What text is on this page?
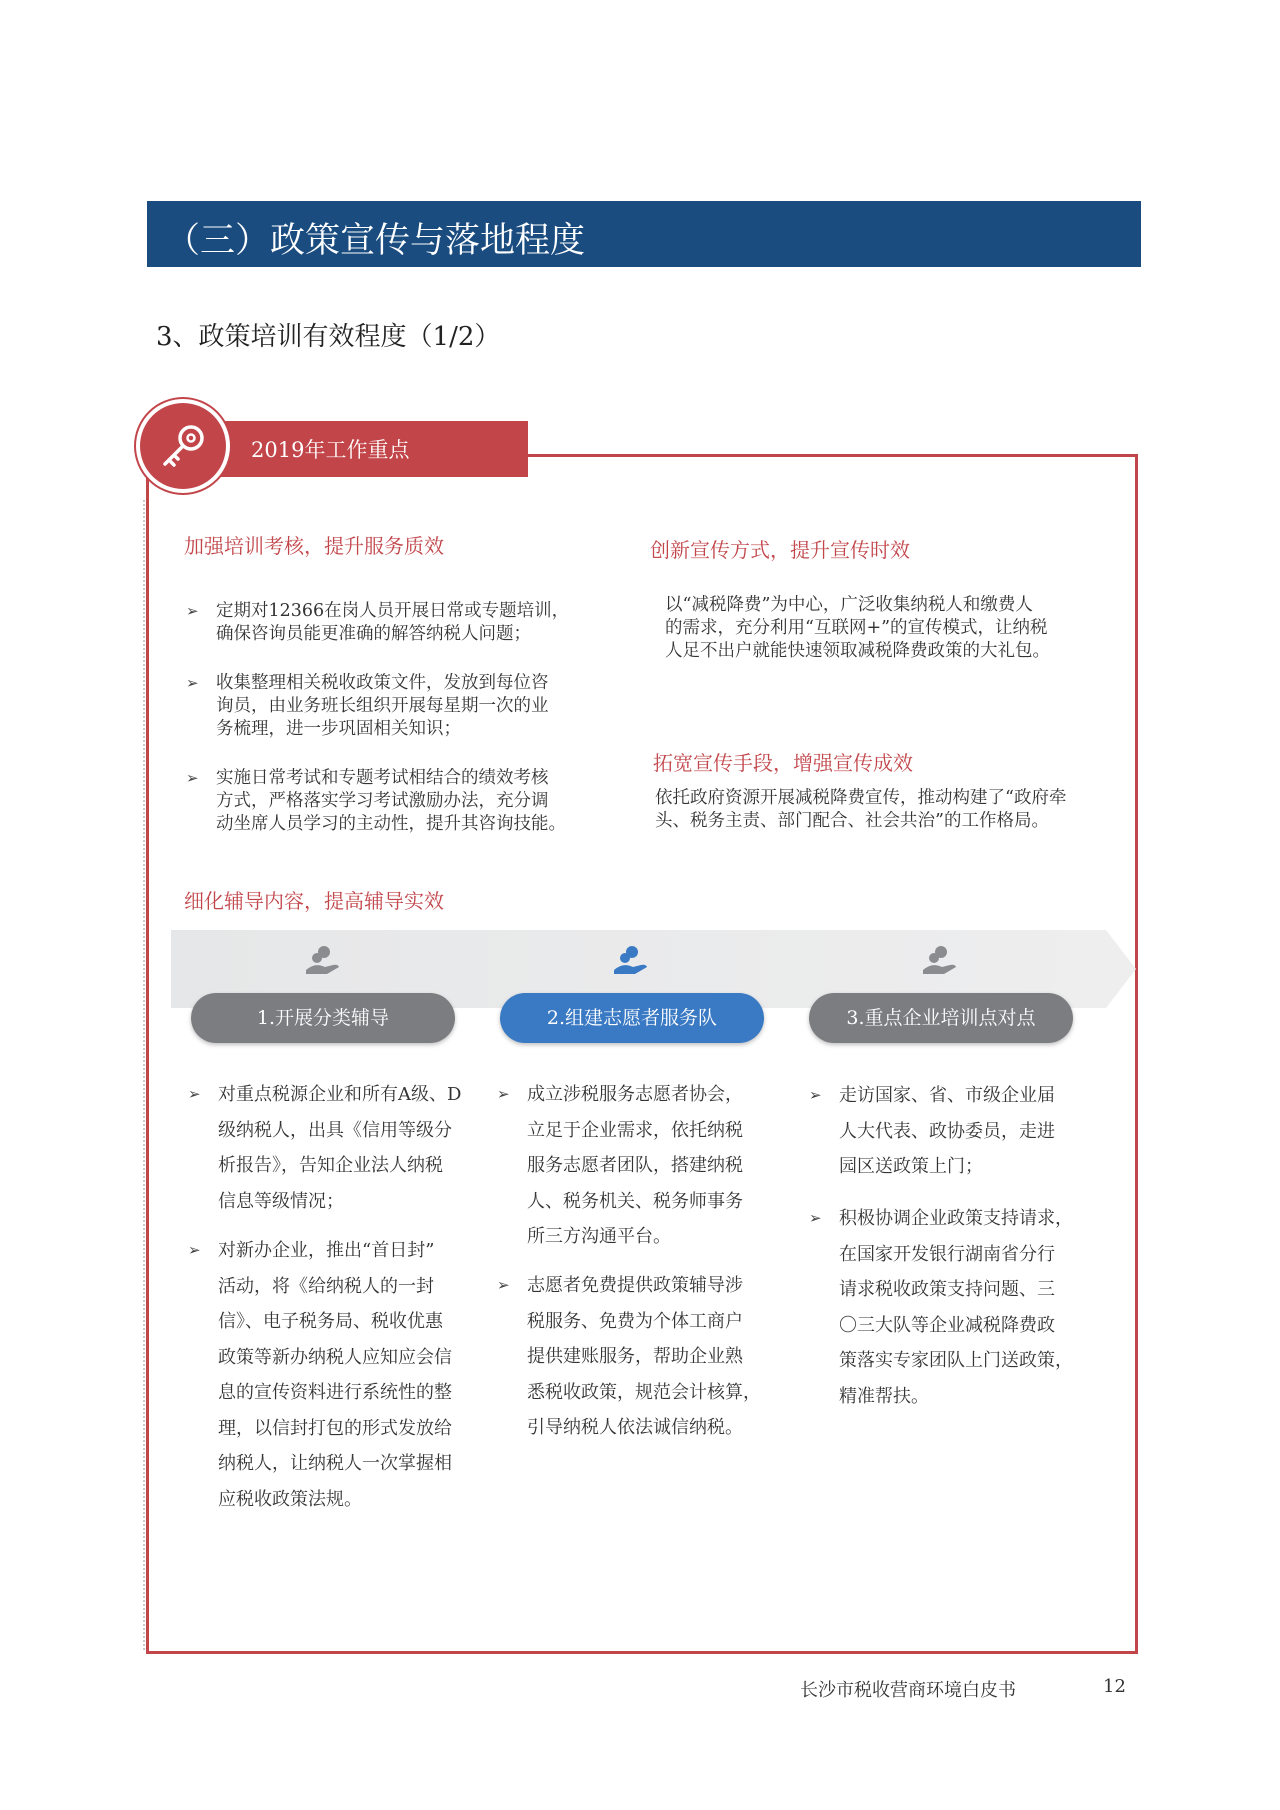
（三）政策宣传与落地程度
3、政策培训有效程度（1/2）
2019年工作重点
加强培训考核，提升服务质效
➢ 定期对12366在岗人员开展日常或专题培训，
确保咨询员能更准确的解答纳税人问题；
➢ 收集整理相关税收政策文件，发放到每位咨
询员，由业务班长组织开展每星期一次的业
务梳理，进一步巩固相关知识；
➢ 实施日常考试和专题考试相结合的绩效考核
方式，严格落实学习考试激励办法，充分调
动坐席人员学习的主动性，提升其咨询技能。
创新宣传方式，提升宣传时效
以“减税降费”为中心，广泛收集纳税人和缴费人
的需求，充分利用“互联网+”的宣传模式，让纳税
人足不出户就能快速领取减税降费政策的大礼包。
拓宽宣传手段，增强宣传成效
依托政府资源开展减税降费宣传，推动构建了“政府牵
头、税务主责、部门配合、社会共治”的工作格局。
细化辅导内容，提高辅导实效
1.开展分类辅导	2.组建志愿者服务队	3.重点企业培训点对点
➢ 对重点税源企业和所有A级、D
级纳税人，出具《信用等级分
析报告》，告知企业法人纳税
信息等级情况；
➢ 对新办企业，推出“首日封”
活动，将《给纳税人的一封
信》、电子税务局、税收优惠
政策等新办纳税人应知应会信
息的宣传资料进行系统性的整
理，以信封打包的形式发放给
纳税人，让纳税人一次掌握相
应税收政策法规。
➢ 成立涉税服务志愿者协会，
立足于企业需求，依托纳税
服务志愿者团队，搭建纳税
人、税务机关、税务师事务
所三方沟通平台。
➢ 志愿者免费提供政策辅导涉
税服务、免费为个体工商户
提供建账服务，帮助企业熟
悉税收政策，规范会计核算，
引导纳税人依法诚信纳税。
➢ 走访国家、省、市级企业届
人大代表、政协委员，走进
园区送政策上门；
➢ 积极协调企业政策支持请求，
在国家开发银行湖南省分行
请求税收政策支持问题、三
〇三大队等企业减税降费政
策落实专家团队上门送政策，
精准帮扶。
长沙市税收营商环境白皮书	12
